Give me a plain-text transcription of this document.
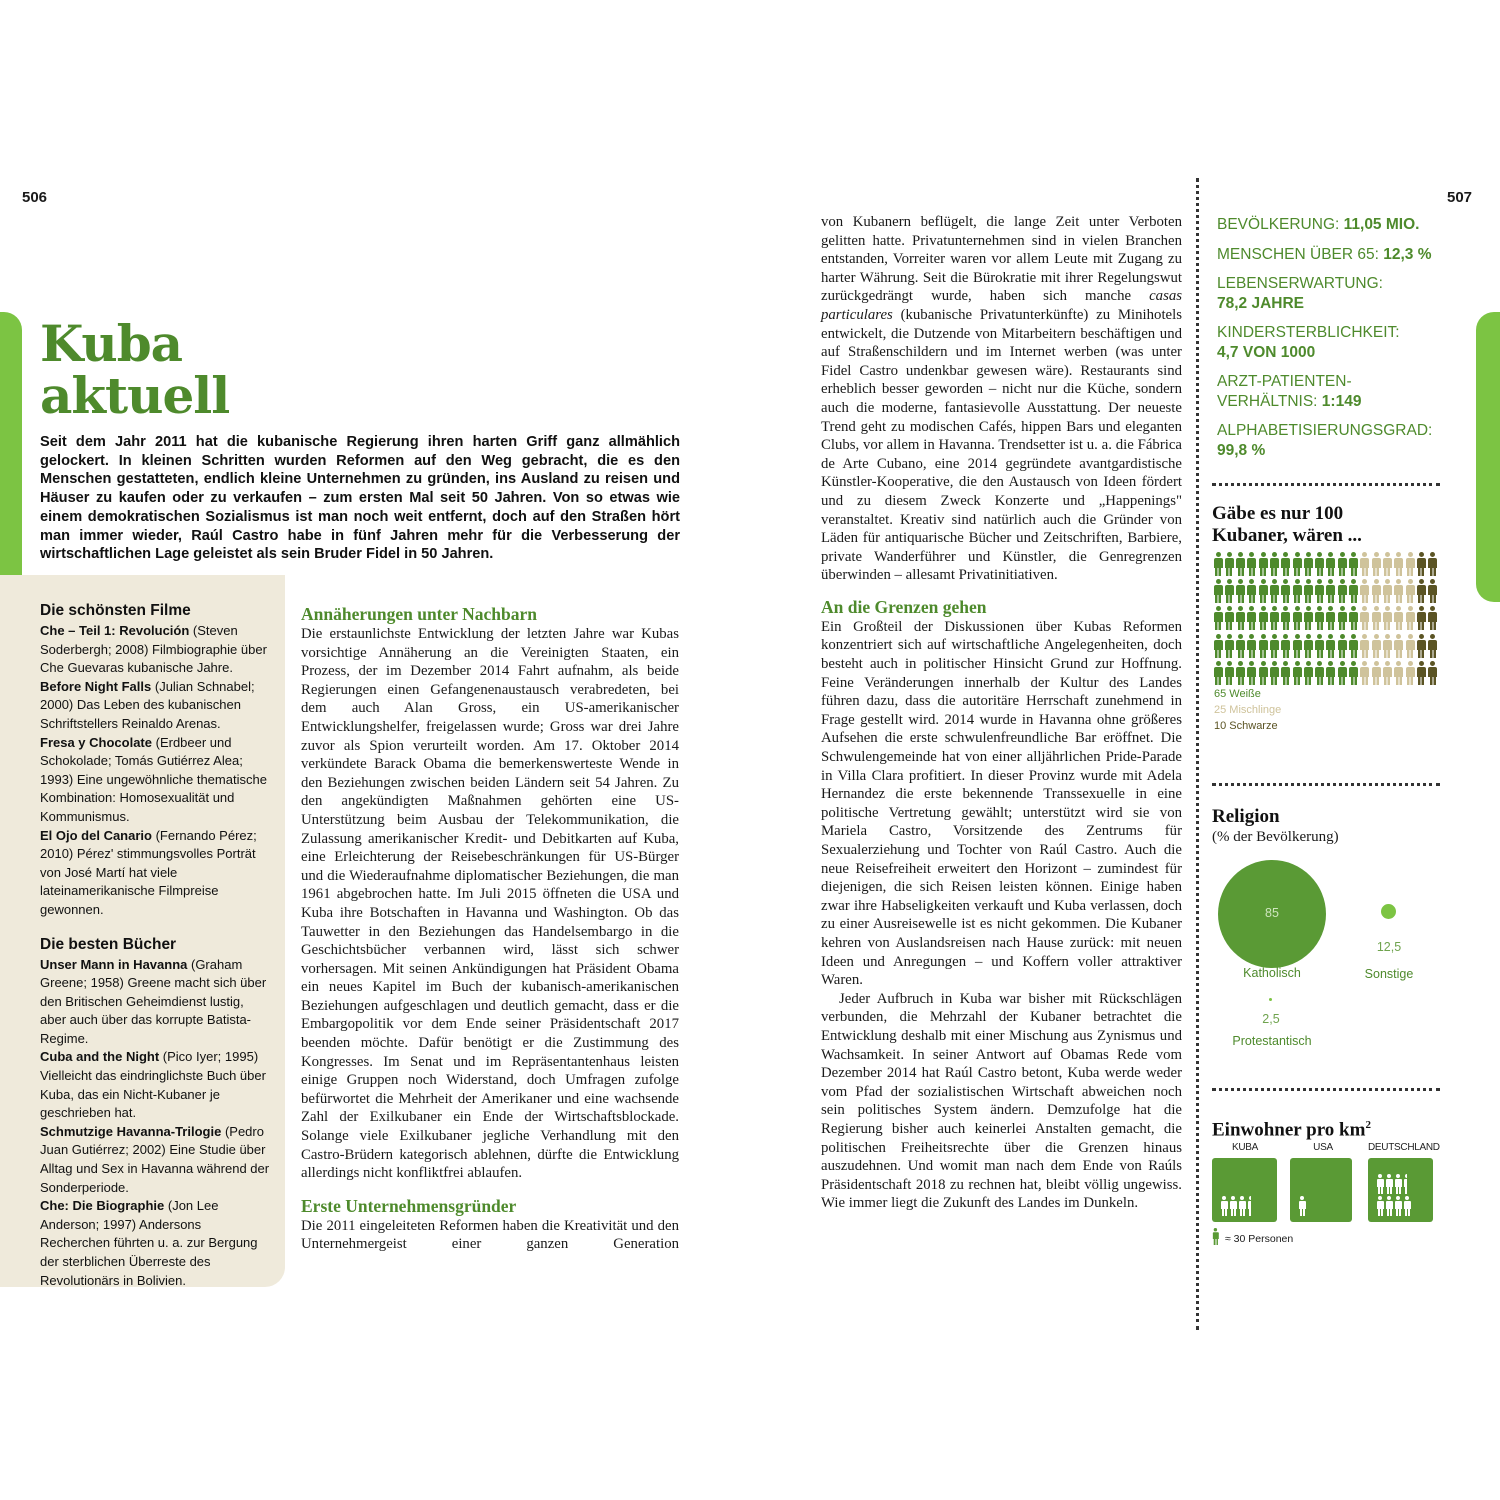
506	507
Kuba
aktuell
Seit dem Jahr 2011 hat die kubanische Regierung ihren harten Griff ganz allmählich gelockert. In kleinen Schritten wurden Reformen auf den Weg gebracht, die es den Menschen gestatteten, endlich kleine Unternehmen zu gründen, ins Ausland zu reisen und Häuser zu kaufen oder zu verkaufen – zum ersten Mal seit 50 Jahren. Von so etwas wie einem demokratischen Sozialismus ist man noch weit entfernt, doch auf den Straßen hört man immer wieder, Raúl Castro habe in fünf Jahren mehr für die Verbesserung der wirtschaftlichen Lage geleistet als sein Bruder Fidel in 50 Jahren.
Die schönsten Filme

Che – Teil 1: Revolución (Steven Soderbergh; 2008) Filmbiographie über Che Guevaras kubanische Jahre.

Before Night Falls (Julian Schnabel; 2000) Das Leben des kubanischen Schriftstellers Reinaldo Arenas.

Fresa y Chocolate (Erdbeer und Schokolade; Tomás Gutiérrez Alea; 1993) Eine ungewöhnliche thematische Kombination: Homosexualität und Kommunismus.

El Ojo del Canario (Fernando Pérez; 2010) Pérez' stimmungsvolles Porträt von José Martí hat viele lateinamerikanische Filmpreise gewonnen.

Die besten Bücher

Unser Mann in Havanna (Graham Greene; 1958) Greene macht sich über den Britischen Geheimdienst lustig, aber auch über das korrupte Batista-Regime.

Cuba and the Night (Pico Iyer; 1995) Vielleicht das eindringlichste Buch über Kuba, das ein Nicht-Kubaner je geschrieben hat.

Schmutzige Havanna-Trilogie (Pedro Juan Gutiérrez; 2002) Eine Studie über Alltag und Sex in Havanna während der Sonderperiode.

Che: Die Biographie (Jon Lee Anderson; 1997) Andersons Recherchen führten u. a. zur Bergung der sterblichen Überreste des Revolutionärs in Bolivien.

Annäherungen unter Nachbarn

Die erstaunlichste Entwicklung der letzten Jahre war Kubas vorsichtige Annäherung an die Vereinigten Staaten, ein Prozess, der im Dezember 2014 Fahrt aufnahm, als beide Regierungen einen Gefangenenaustausch verabredeten, bei dem auch Alan Gross, ein US-amerikanischer Entwicklungshelfer, freigelassen wurde; Gross war drei Jahre zuvor als Spion verurteilt worden. Am 17. Oktober 2014 verkündete Barack Obama die bemerkenswerteste Wende in den Beziehungen zwischen beiden Ländern seit 54 Jahren. Zu den angekündigten Maßnahmen gehörten eine US-Unterstützung beim Ausbau der Telekommunikation, die Zulassung amerikanischer Kredit- und Debitkarten auf Kuba, eine Erleichterung der Reisebeschränkungen für US-Bürger und die Wiederaufnahme diplomatischer Beziehungen, die man 1961 abgebrochen hatte. Im Juli 2015 öffneten die USA und Kuba ihre Botschaften in Havanna und Washington. Ob das Tauwetter in den Beziehungen das Handelsembargo in die Geschichtsbücher verbannen wird, lässt sich schwer vorhersagen. Mit seinen Ankündigungen hat Präsident Obama ein neues Kapitel im Buch der kubanisch-amerikanischen Beziehungen aufgeschlagen und deutlich gemacht, dass er die Embargopolitik vor dem Ende seiner Präsidentschaft 2017 beenden möchte. Dafür benötigt er die Zustimmung des Kongresses. Im Senat und im Repräsentantenhaus leisten einige Gruppen noch Widerstand, doch Umfragen zufolge befürwortet die Mehrheit der Amerikaner und eine wachsende Zahl der Exilkubaner ein Ende der Wirtschaftsblockade. Solange viele Exilkubaner jegliche Verhandlung mit den Castro-Brüdern kategorisch ablehnen, dürfte die Entwicklung allerdings nicht konfliktfrei ablaufen.

Erste Unternehmensgründer

Die 2011 eingeleiteten Reformen haben die Kreativität und den Unternehmergeist einer ganzen Generation

von Kubanern beflügelt, die lange Zeit unter Verboten gelitten hatte. Privatunternehmen sind in vielen Branchen entstanden, Vorreiter waren vor allem Leute mit Zugang zu harter Währung. Seit die Bürokratie mit ihrer Regelungswut zurückgedrängt wurde, haben sich manche casas particulares (kubanische Privatunterkünfte) zu Minihotels entwickelt, die Dutzende von Mitarbeitern beschäftigen und auf Straßenschildern und im Internet werben (was unter Fidel Castro undenkbar gewesen wäre). Restaurants sind erheblich besser geworden – nicht nur die Küche, sondern auch die moderne, fantasievolle Ausstattung. Der neueste Trend geht zu modischen Cafés, hippen Bars und eleganten Clubs, vor allem in Havanna. Trendsetter ist u. a. die Fábrica de Arte Cubano, eine 2014 gegründete avantgardistische Künstler-Kooperative, die den Austausch von Ideen fördert und zu diesem Zweck Konzerte und „Happenings" veranstaltet. Kreativ sind natürlich auch die Gründer von Läden für antiquarische Bücher und Zeitschriften, Barbiere, private Wanderführer und Künstler, die Genregrenzen überwinden – allesamt Privatinitiativen.

An die Grenzen gehen

Ein Großteil der Diskussionen über Kubas Reformen konzentriert sich auf wirtschaftliche Angelegenheiten, doch besteht auch in politischer Hinsicht Grund zur Hoffnung. Feine Veränderungen innerhalb der Kultur des Landes führen dazu, dass die autoritäre Herrschaft zunehmend in Frage gestellt wird. 2014 wurde in Havanna ohne größeres Aufsehen die erste schwulenfreundliche Bar eröffnet. Die Schwulengemeinde hat von einer alljährlichen Pride-Parade in Villa Clara profitiert. In dieser Provinz wurde mit Adela Hernandez die erste bekennende Transsexuelle in eine politische Vertretung gewählt; unterstützt wird sie von Mariela Castro, Vorsitzende des Zentrums für Sexualerziehung und Tochter von Raúl Castro. Auch die neue Reisefreiheit erweitert den Horizont – zumindest für diejenigen, die sich Reisen leisten können. Einige haben zwar ihre Habseligkeiten verkauft und Kuba verlassen, doch zu einer Ausreisewelle ist es nicht gekommen. Die Kubaner kehren von Auslandsreisen nach Hause zurück: mit neuen Ideen und Anregungen – und Koffern voller attraktiver Waren.

Jeder Aufbruch in Kuba war bisher mit Rückschlägen verbunden, die Mehrzahl der Kubaner betrachtet die Entwicklung deshalb mit einer Mischung aus Zynismus und Wachsamkeit. In seiner Antwort auf Obamas Rede vom Dezember 2014 hat Raúl Castro betont, Kuba werde weder vom Pfad der sozialistischen Wirtschaft abweichen noch sein politisches System ändern. Demzufolge hat die Regierung bisher auch keinerlei Anstalten gemacht, die politischen Freiheitsrechte über die Grenzen hinaus auszudehnen. Und womit man nach dem Ende von Raúls Präsidentschaft 2018 zu rechnen hat, bleibt völlig ungewiss. Wie immer liegt die Zukunft des Landes im Dunkeln.

BEVÖLKERUNG: 11,05 MIO.

MENSCHEN ÜBER 65: 12,3 %

LEBENSERWARTUNG:
78,2 JAHRE

KINDERSTERBLICHKEIT:
4,7 VON 1000

ARZT-PATIENTEN-
VERHÄLTNIS: 1:149

ALPHABETISIERUNGSGRAD:
99,8 %

Gäbe es nur 100
Kubaner, wären ...
65 Weiße
25 Mischlinge
10 Schwarze
Religion
(% der Bevölkerung)
85
Katholisch
12,5
Sonstige
2,5
Protestantisch
Einwohner pro $km^2$
KUBA	USA	DEUTSCHLAND
$^{\approx 30 Personen}$
